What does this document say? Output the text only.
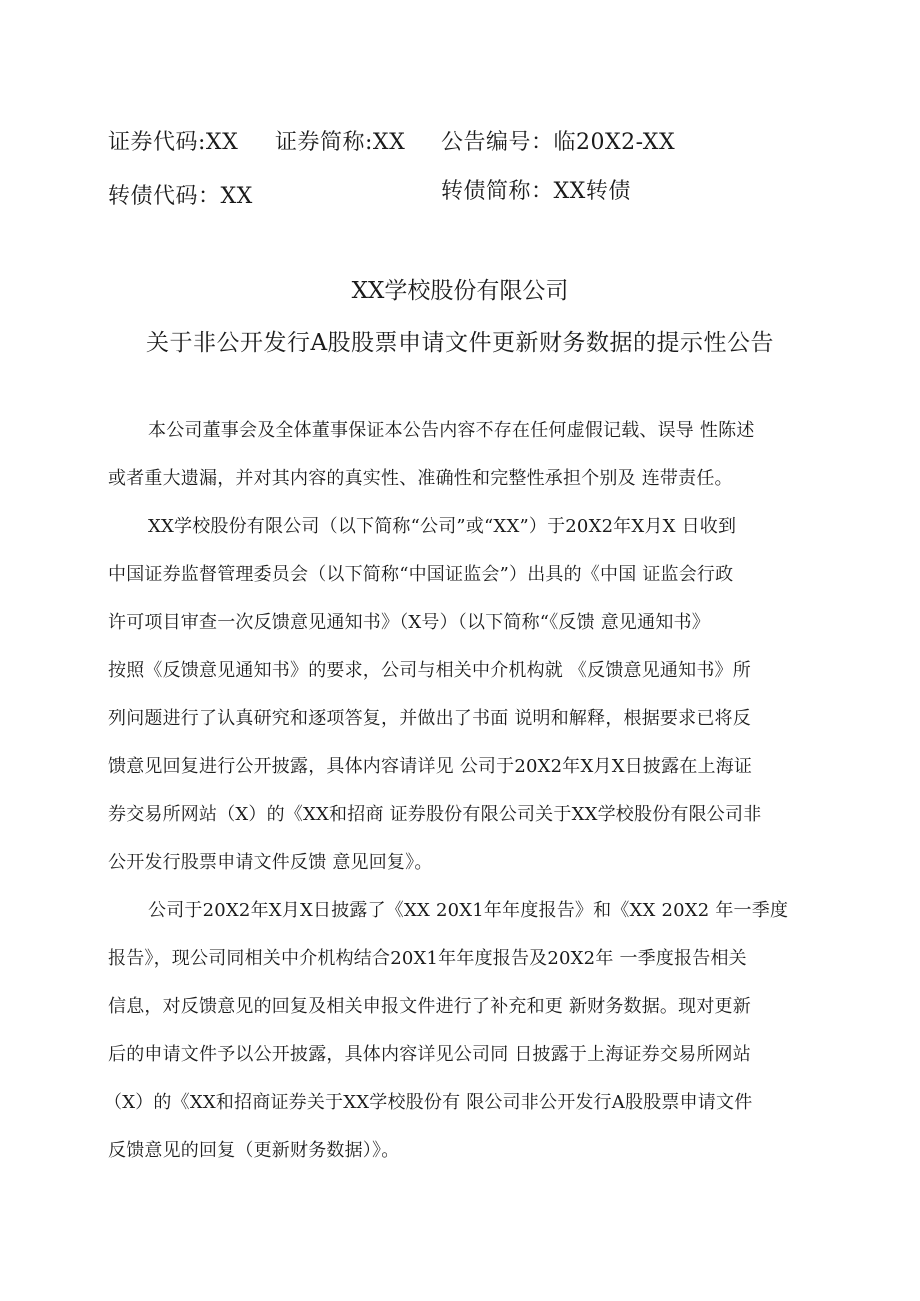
证券代码:XX 证券简称:XX 公告编号：临20X2-XX
转债代码：XX	转债简称：XX转债
XX学校股份有限公司
关于非公开发行A股股票申请文件更新财务数据的提示性公告
本公司董事会及全体董事保证本公告内容不存在任何虚假记载、误导 性陈述
或者重大遗漏，并对其内容的真实性、准确性和完整性承担个别及 连带责任。
XX学校股份有限公司（以下简称“公司”或“XX”）于20X2年X月X 日收到
中国证券监督管理委员会（以下简称“中国证监会”）出具的《中国 证监会行政
许可项目审查一次反馈意见通知书》（X号）（以下简称“《反馈 意见通知书》
按照《反馈意见通知书》的要求，公司与相关中介机构就 《反馈意见通知书》所
列问题进行了认真研究和逐项答复，并做出了书面 说明和解释，根据要求已将反
馈意见回复进行公开披露，具体内容请详见 公司于20X2年X月X日披露在上海证
券交易所网站（X）的《XX和招商 证券股份有限公司关于XX学校股份有限公司非
公开发行股票申请文件反馈 意见回复》。
公司于20X2年X月X日披露了《XX 20X1年年度报告》和《XX 20X2 年一季度
报告》，现公司同相关中介机构结合20X1年年度报告及20X2年 一季度报告相关
信息，对反馈意见的回复及相关申报文件进行了补充和更 新财务数据。现对更新
后的申请文件予以公开披露，具体内容详见公司同 日披露于上海证券交易所网站
（X）的《XX和招商证券关于XX学校股份有 限公司非公开发行A股股票申请文件
反馈意见的回复（更新财务数据）》。
